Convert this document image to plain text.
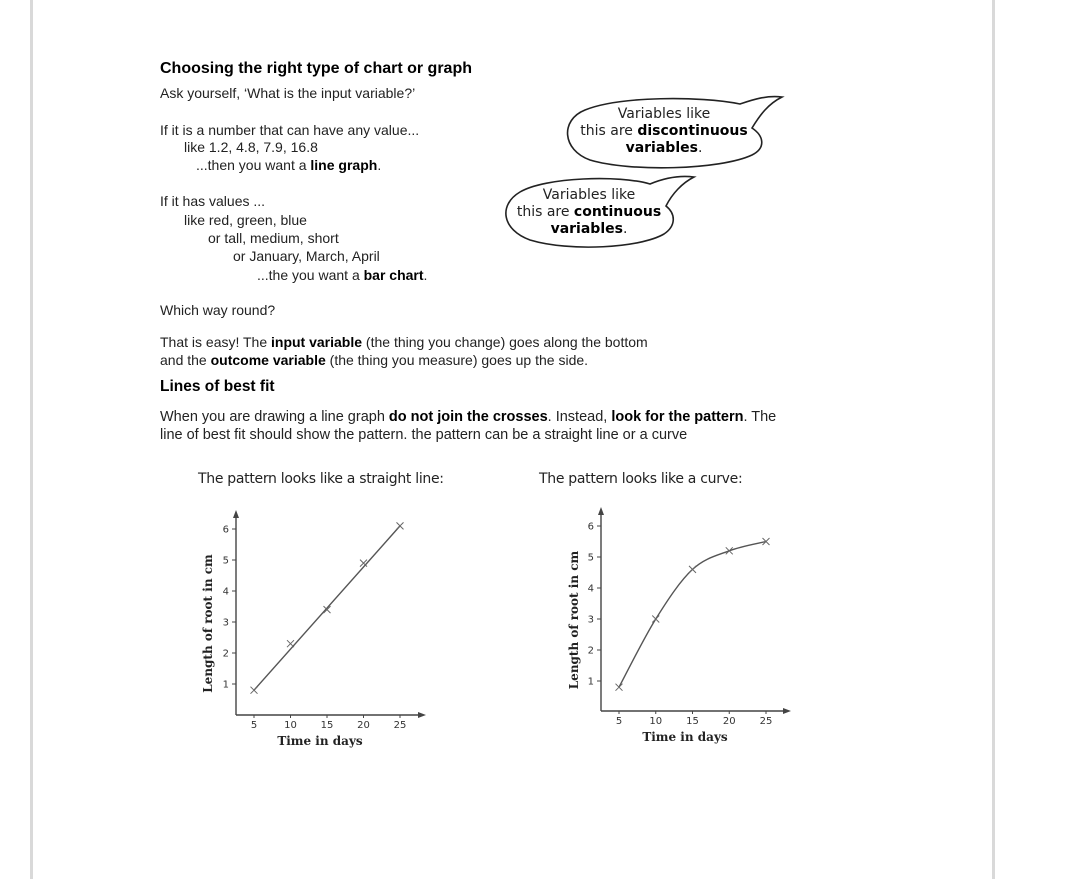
Choosing the right type of chart or graph
Ask yourself, ‘What is the input variable?’
If it is a number that can have any value...
like 1.2, 4.8, 7.9, 16.8
...then you want a line graph.
If it has values ...
like red, green, blue
or tall, medium, short
or January, March, April
...the you want a bar chart.
Variables like
this are discontinuous
variables.
Variables like
this are continuous
variables.
Which way round?
That is easy! The input variable (the thing you change) goes along the bottom
and the outcome variable (the thing you measure) goes up the side.
Lines of best fit
When you are drawing a line graph do not join the crosses. Instead, look for the pattern. The
line of best fit should show the pattern. the pattern can be a straight line or a curve
The pattern looks like a straight line:	The pattern looks like a curve:
5	10 15 20 25
1
2
3
4
5
6
Time in days
Length of root in cm
5	10 15 20 25
1
2
3
4
5
6
Time in days
Length of root in cm
